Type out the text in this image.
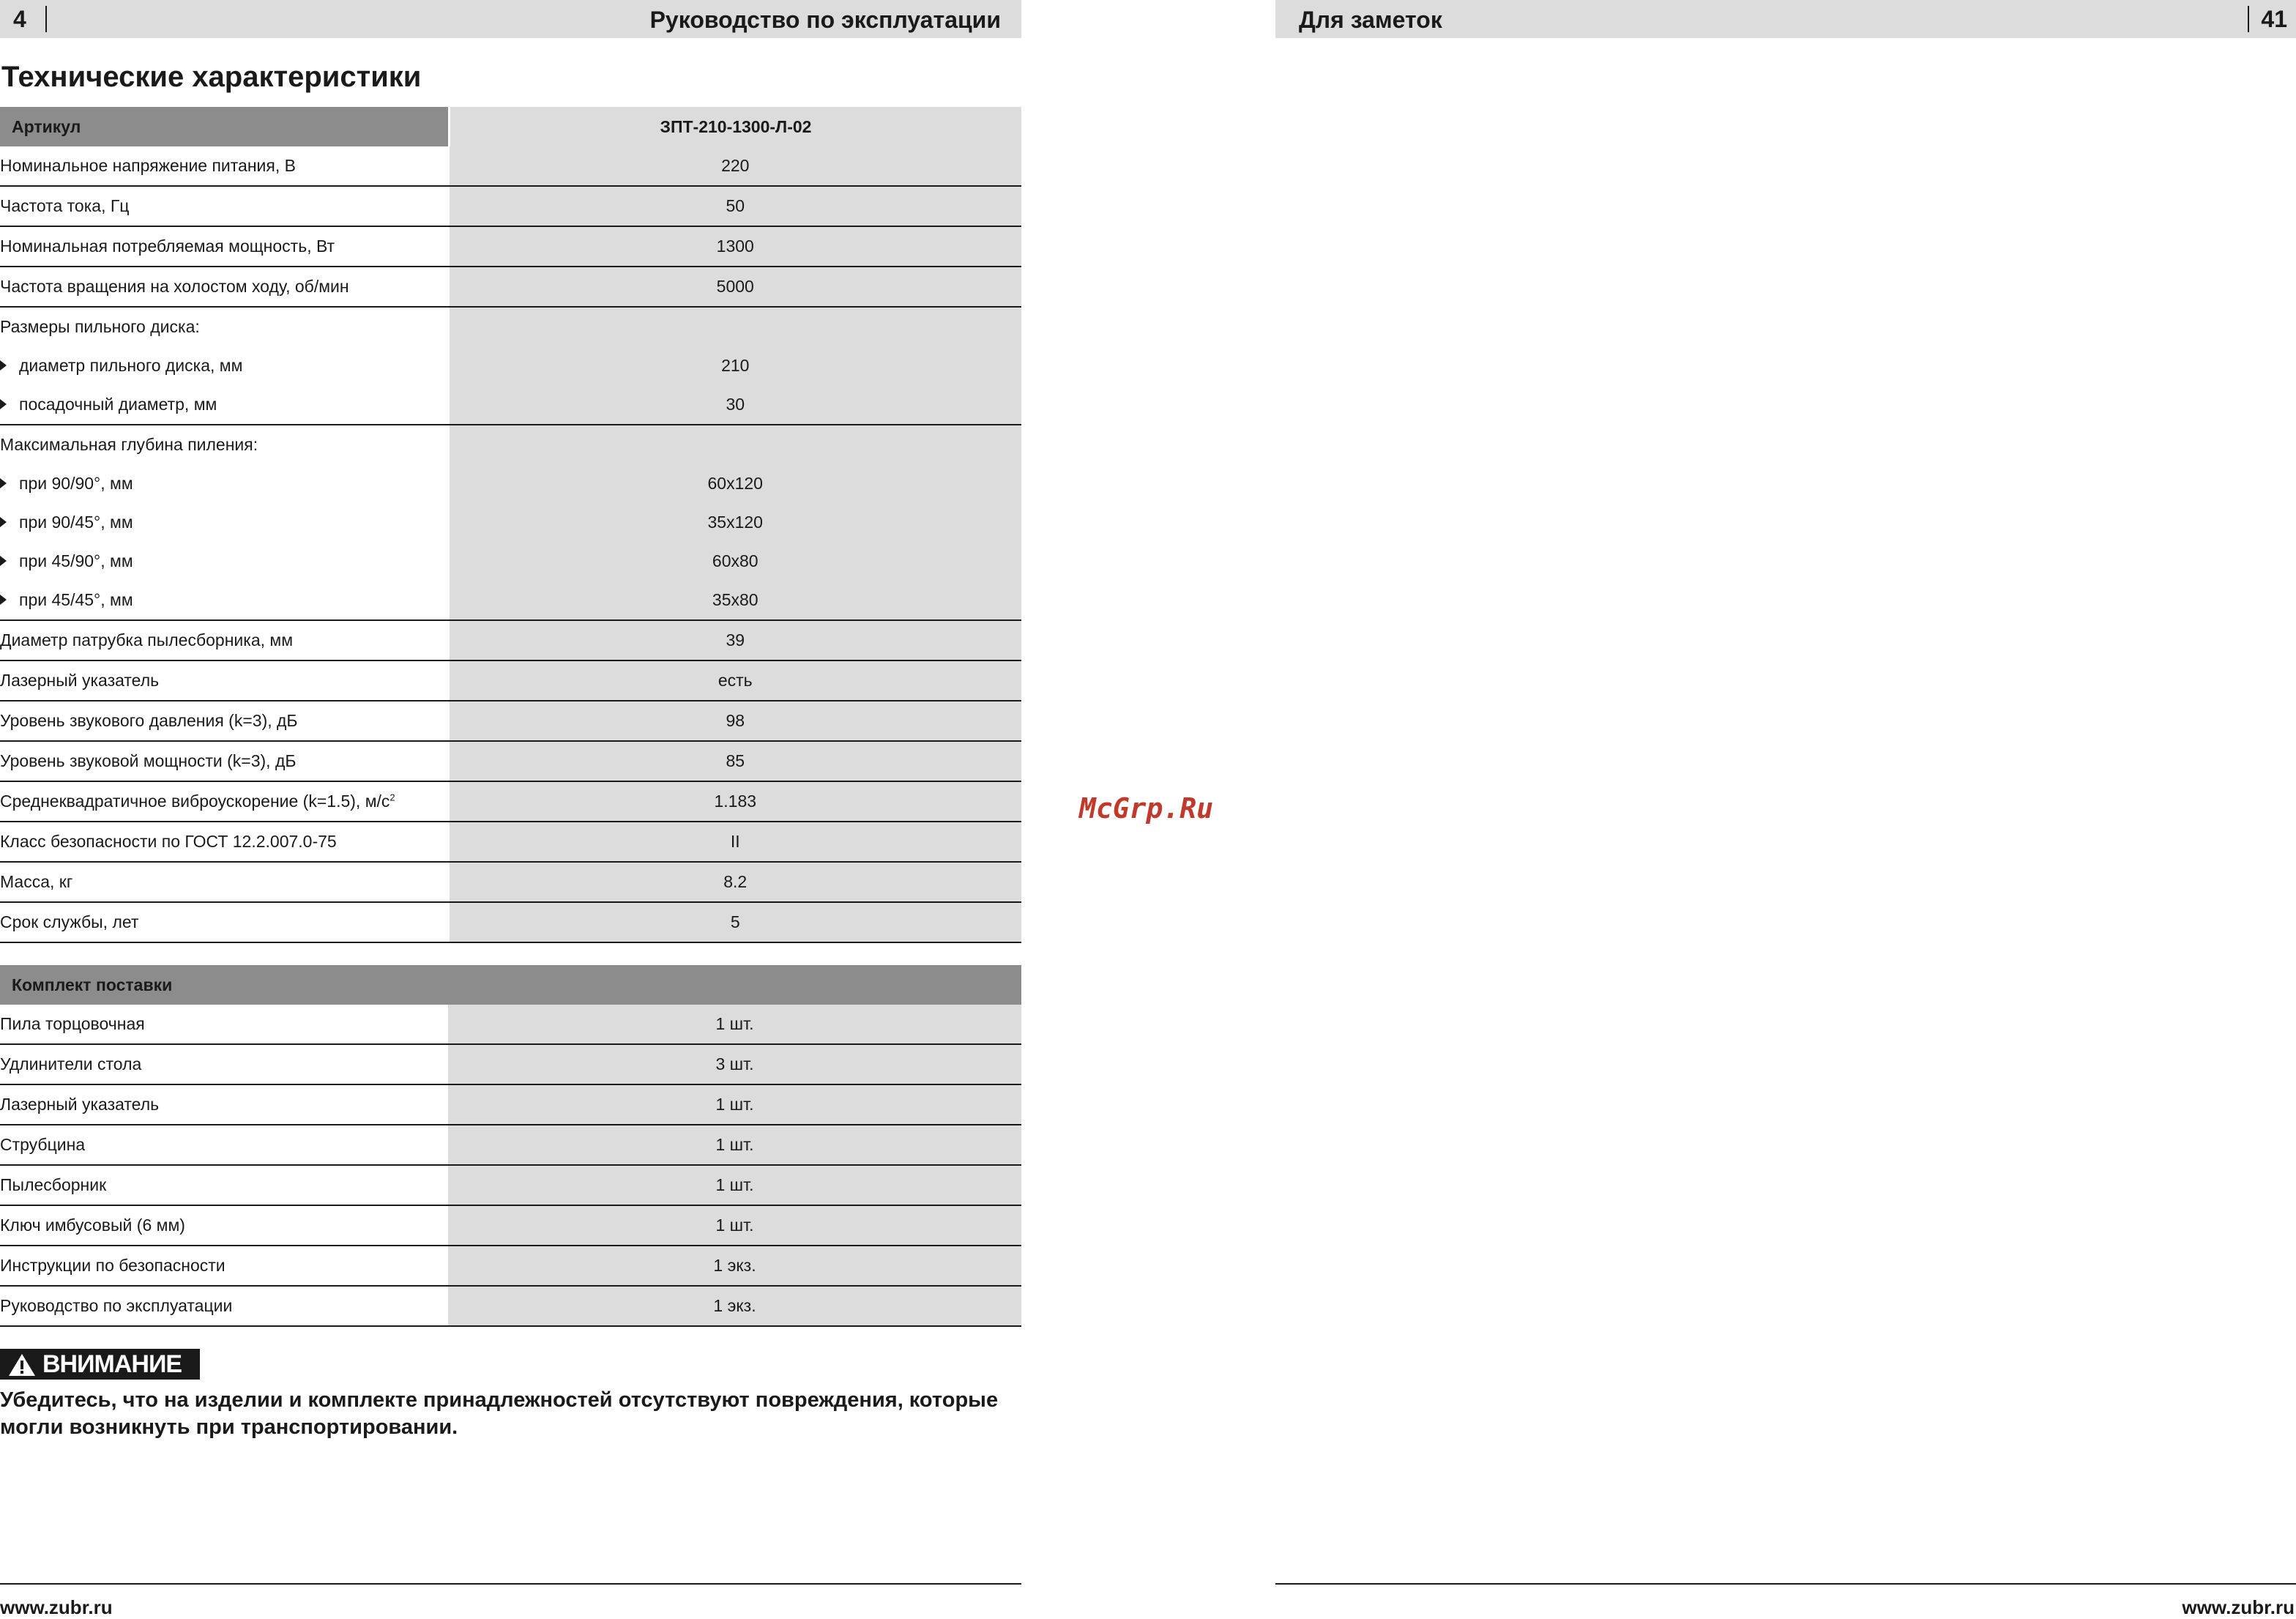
4	Руководство по эксплуатации
Технические характеристики
Артикул	ЗПТ-210-1300-Л-02
Номинальное напряжение питания, В	220
Частота тока, Гц	50
Номинальная потребляемая мощность, Вт	1300
Частота вращения на холостом ходу, об/мин	5000
Размеры пильного диска:	
диаметр пильного диска, мм	210
посадочный диаметр, мм	30
Максимальная глубина пиления:	
при 90/90°, мм	60х120
при 90/45°, мм	35х120
при 45/90°, мм	60х80
при 45/45°, мм	35х80
Диаметр патрубка пылесборника, мм	39
Лазерный указатель	есть
Уровень звукового давления (k=3), дБ	98
Уровень звуковой мощности (k=3), дБ	85
Среднеквадратичное виброускорение (k=1.5), $м/с^2$	1.183
Класс безопасности по ГОСТ 12.2.007.0-75	II
Масса, кг	8.2
Срок службы, лет	5
Комплект поставки	
Пила торцовочная	1 шт.
Удлинители стола	3 шт.
Лазерный указатель	1 шт.
Струбцина	1 шт.
Пылесборник	1 шт.
Ключ имбусовый (6 мм)	1 шт.
Инструкции по безопасности	1 экз.
Руководство по эксплуатации	1 экз.
ВНИМАНИЕ
Убедитесь, что на изделии и комплекте принадлежностей отсутствуют повреждения, которые могли возникнуть при транспортировании.
www.zubr.ru
Для заметок	41
www.zubr.ru
McGrp.Ru
